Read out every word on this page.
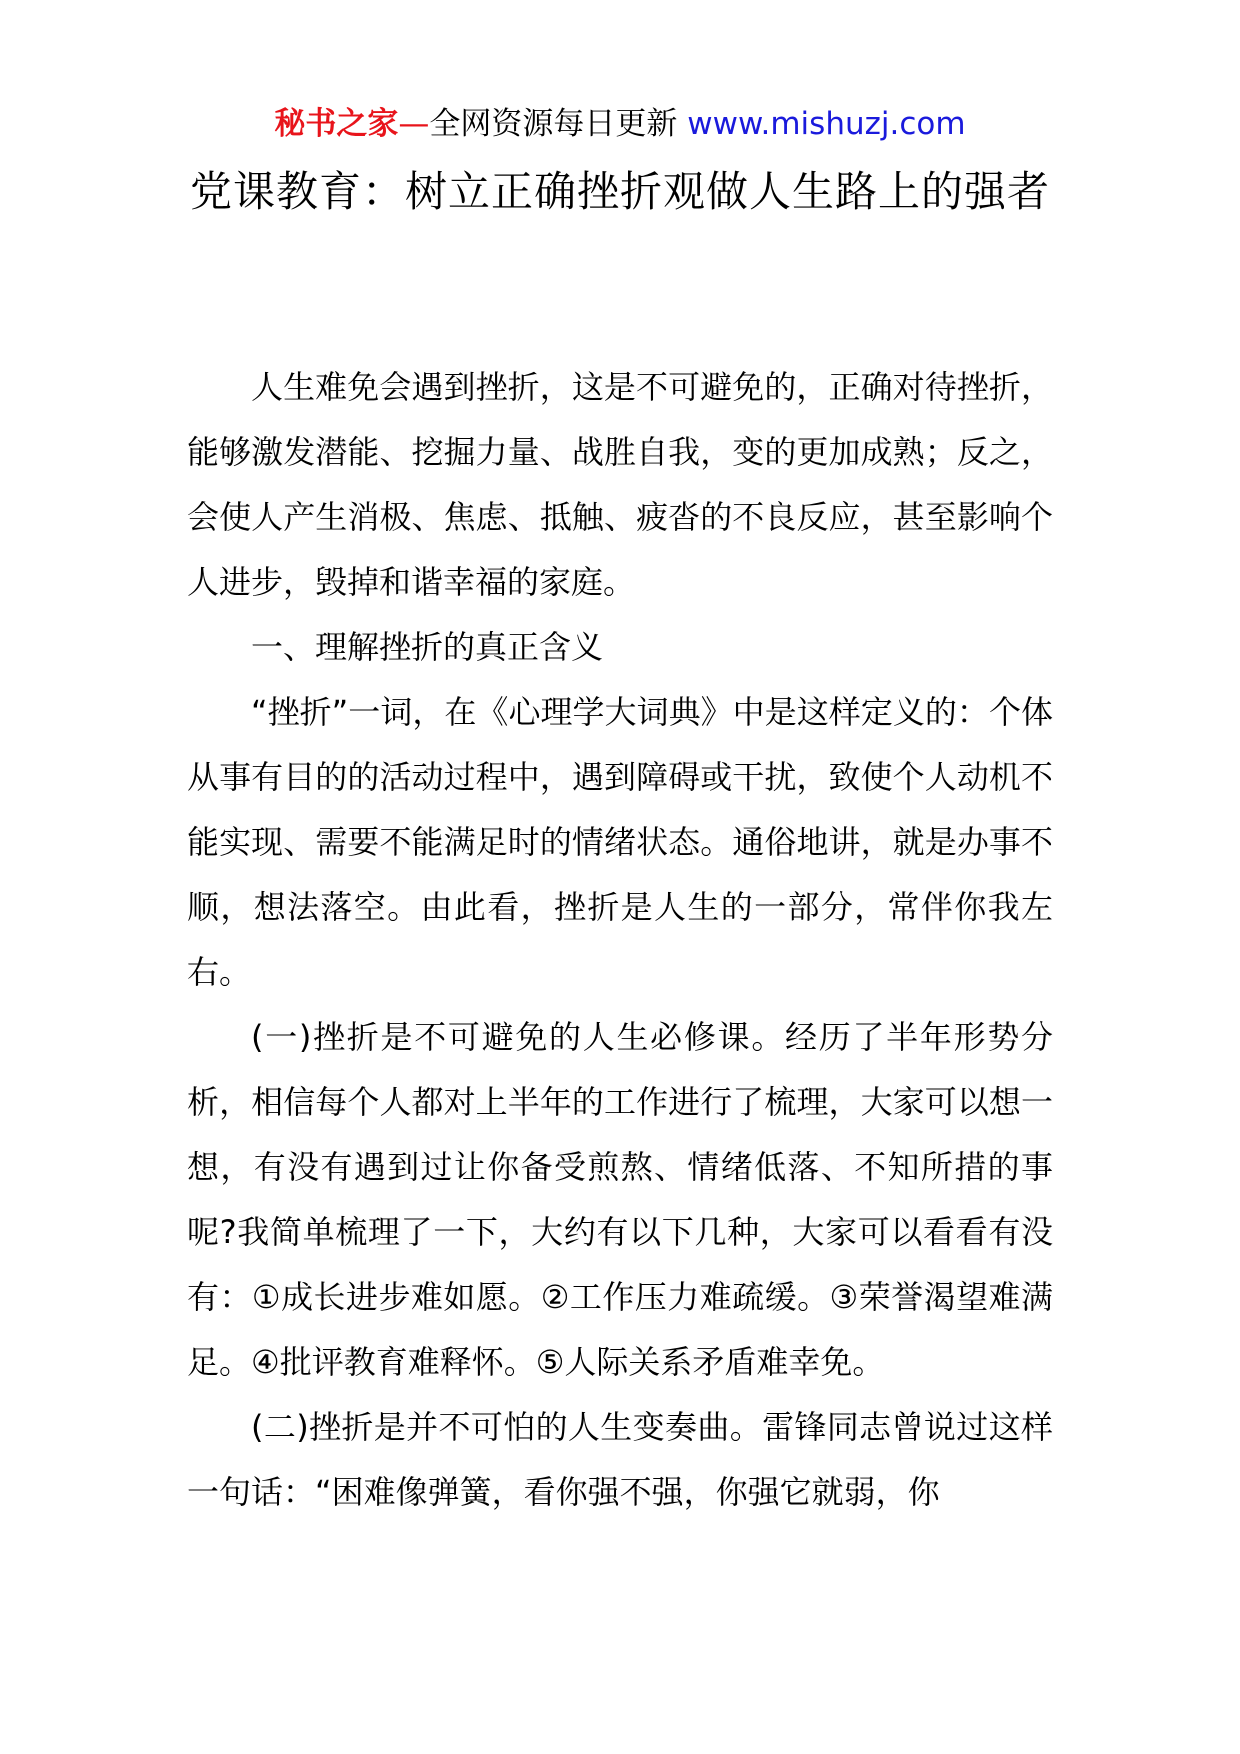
秘书之家—全网资源每日更新 www.mishuzj.com
党课教育：树立正确挫折观做人生路上的强者

人生难免会遇到挫折，这是不可避免的，正确对待挫折，能够激发潜能、挖掘力量、战胜自我，变的更加成熟；反之，会使人产生消极、焦虑、抵触、疲沓的不良反应，甚至影响个人进步，毁掉和谐幸福的家庭。

一、理解挫折的真正含义

“挫折”一词，在《心理学大词典》中是这样定义的：个体从事有目的的活动过程中，遇到障碍或干扰，致使个人动机不能实现、需要不能满足时的情绪状态。通俗地讲，就是办事不顺，想法落空。由此看，挫折是人生的一部分，常伴你我左右。

(一)挫折是不可避免的人生必修课。经历了半年形势分析，相信每个人都对上半年的工作进行了梳理，大家可以想一想，有没有遇到过让你备受煎熬、情绪低落、不知所措的事呢?我简单梳理了一下，大约有以下几种，大家可以看看有没有：①成长进步难如愿。②工作压力难疏缓。③荣誉渴望难满足。④批评教育难释怀。⑤人际关系矛盾难幸免。

(二)挫折是并不可怕的人生变奏曲。雷锋同志曾说过这样一句话：“困难像弹簧，看你强不强，你强它就弱，你
